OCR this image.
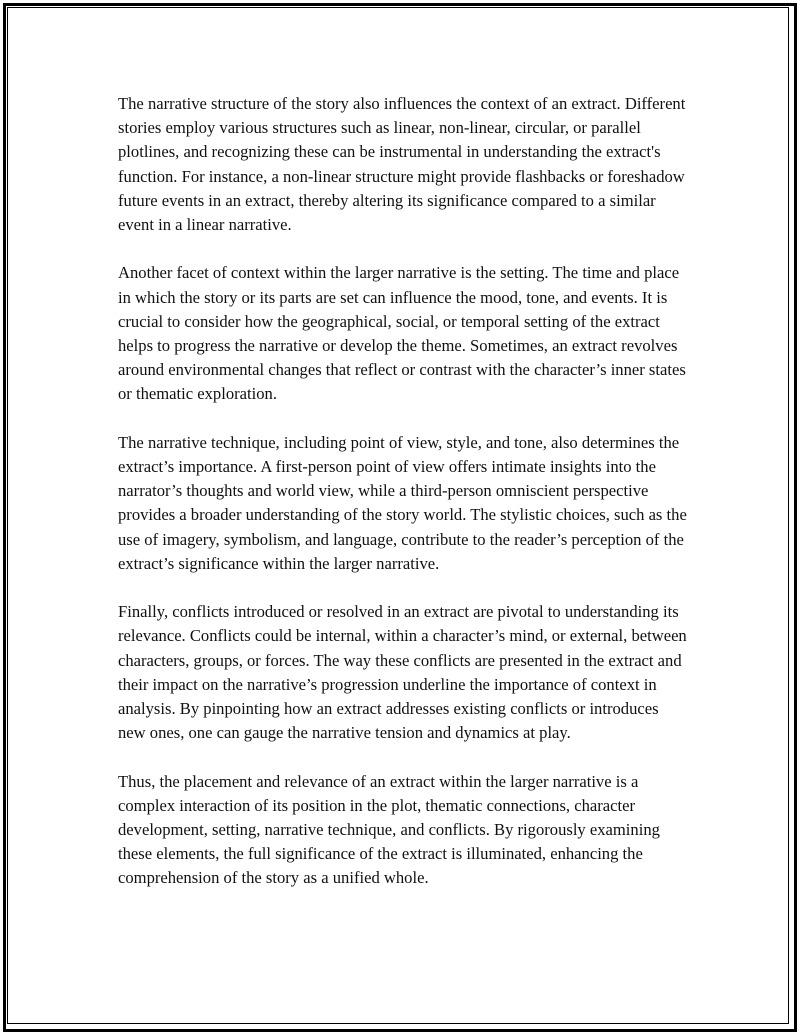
The narrative structure of the story also influences the context of an extract. Different stories employ various structures such as linear, non-linear, circular, or parallel plotlines, and recognizing these can be instrumental in understanding the extract's function. For instance, a non-linear structure might provide flashbacks or foreshadow future events in an extract, thereby altering its significance compared to a similar event in a linear narrative.

Another facet of context within the larger narrative is the setting. The time and place in which the story or its parts are set can influence the mood, tone, and events. It is crucial to consider how the geographical, social, or temporal setting of the extract helps to progress the narrative or develop the theme. Sometimes, an extract revolves around environmental changes that reflect or contrast with the character’s inner states or thematic exploration.

The narrative technique, including point of view, style, and tone, also determines the extract’s importance. A first-person point of view offers intimate insights into the narrator’s thoughts and world view, while a third-person omniscient perspective provides a broader understanding of the story world. The stylistic choices, such as the use of imagery, symbolism, and language, contribute to the reader’s perception of the extract’s significance within the larger narrative.

Finally, conflicts introduced or resolved in an extract are pivotal to understanding its relevance. Conflicts could be internal, within a character’s mind, or external, between characters, groups, or forces. The way these conflicts are presented in the extract and their impact on the narrative’s progression underline the importance of context in analysis. By pinpointing how an extract addresses existing conflicts or introduces new ones, one can gauge the narrative tension and dynamics at play.

Thus, the placement and relevance of an extract within the larger narrative is a complex interaction of its position in the plot, thematic connections, character development, setting, narrative technique, and conflicts. By rigorously examining these elements, the full significance of the extract is illuminated, enhancing the comprehension of the story as a unified whole.
